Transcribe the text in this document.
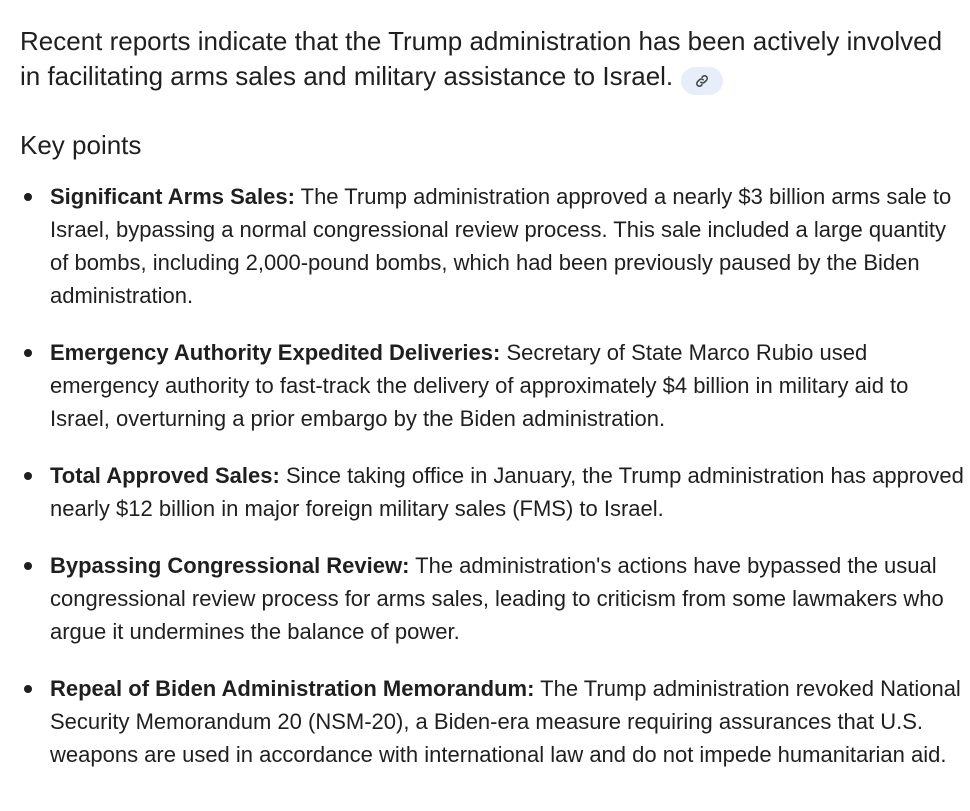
Recent reports indicate that the Trump administration has been actively involved in facilitating arms sales and military assistance to Israel.

Key points
Significant Arms Sales: The Trump administration approved a nearly $3 billion arms sale to Israel, bypassing a normal congressional review process. This sale included a large quantity of bombs, including 2,000-pound bombs, which had been previously paused by the Biden administration.
Emergency Authority Expedited Deliveries: Secretary of State Marco Rubio used emergency authority to fast-track the delivery of approximately $4 billion in military aid to Israel, overturning a prior embargo by the Biden administration.
Total Approved Sales: Since taking office in January, the Trump administration has approved nearly $12 billion in major foreign military sales (FMS) to Israel.
Bypassing Congressional Review: The administration's actions have bypassed the usual congressional review process for arms sales, leading to criticism from some lawmakers who argue it undermines the balance of power.
Repeal of Biden Administration Memorandum: The Trump administration revoked National Security Memorandum 20 (NSM-20), a Biden-era measure requiring assurances that U.S. weapons are used in accordance with international law and do not impede humanitarian aid.
